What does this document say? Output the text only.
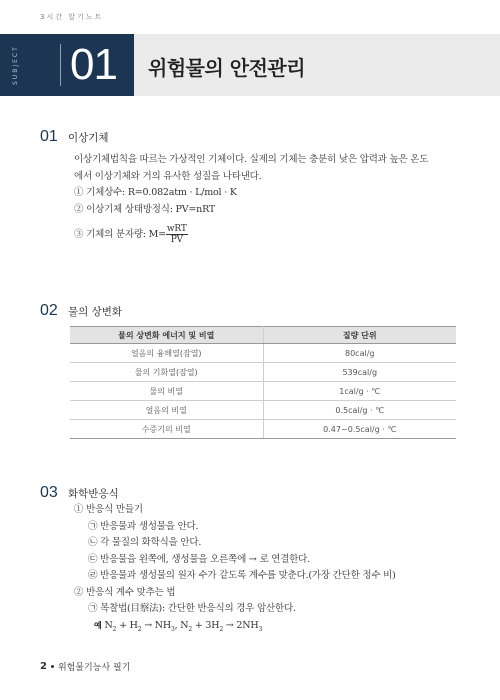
3시간 알기노트
SUBJECT 01 위험물의 안전관리
01 이상기체
이상기체법칙을 따르는 가상적인 기체이다. 실제의 기체는 충분히 낮은 압력과 높은 온도
에서 이상기체와 거의 유사한 성질을 나타낸다.
① 기체상수: R=0.082atm · L/mol · K
② 이상기체 상태방정식: PV=nRT
③ 기체의 분자량: $M= \frac{\text{wRT}}{PV}$
02 물의 상변화
물의 상변화 에너지 및 비열	질량 단위
얼음의 융해열(잠열)	80cal/g
물의 기화열(잠열)	539cal/g
물의 비열	1cal/g · ℃
얼음의 비열	0.5cal/g · ℃
수증기의 비열	0.47~0.5cal/g · ℃
03 화학반응식
① 반응식 만들기
㉠ 반응물과 생성물을 안다.
㉡ 각 물질의 화학식을 안다.
㉢ 반응물을 왼쪽에, 생성물을 오른쪽에 → 로 연결한다.
㉣ 반응물과 생성물의 원자 수가 같도록 계수를 맞춘다.(가장 간단한 정수 비)
② 반응식 계수 맞추는 법
㉠ 목찰법(目察法): 간단한 반응식의 경우 암산한다.
예 $N_2 + H_2 \to NH_3$, $N_2 + 3H_2 \to 2NH_3$
2 위험물기능사 필기
